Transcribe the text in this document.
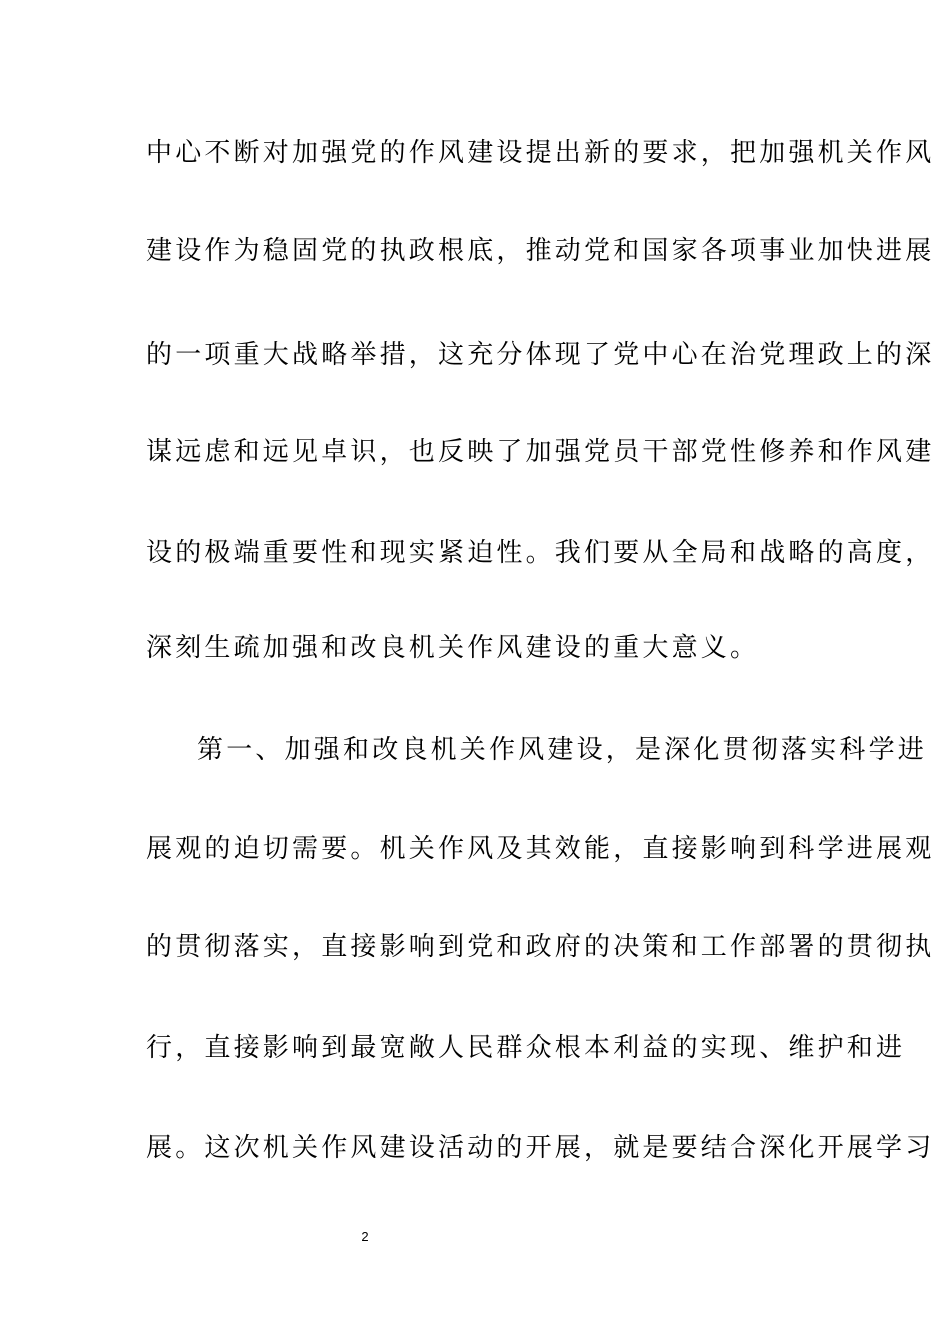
中心不断对加强党的作风建设提出新的要求，把加强机关作风
建设作为稳固党的执政根底，推动党和国家各项事业加快进展
的一项重大战略举措，这充分体现了党中心在治党理政上的深
谋远虑和远见卓识，也反映了加强党员干部党性修养和作风建
设的极端重要性和现实紧迫性。我们要从全局和战略的高度，
深刻生疏加强和改良机关作风建设的重大意义。
第一、加强和改良机关作风建设，是深化贯彻落实科学进
展观的迫切需要。机关作风及其效能，直接影响到科学进展观
的贯彻落实，直接影响到党和政府的决策和工作部署的贯彻执
行，直接影响到最宽敞人民群众根本利益的实现、维护和进
展。这次机关作风建设活动的开展，就是要结合深化开展学习
2
